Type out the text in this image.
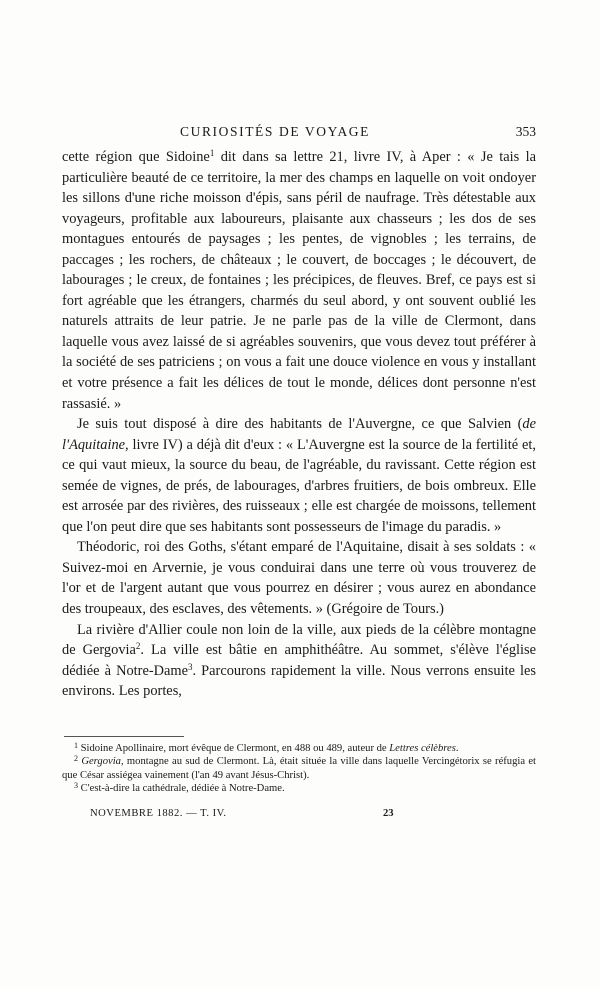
CURIOSITÉS DE VOYAGE	353

cette région que Sidoine$^1$ dit dans sa lettre 21, livre IV, à Aper : « Je tais la particulière beauté de ce territoire, la mer des champs en laquelle on voit ondoyer les sillons d'une riche moisson d'épis, sans péril de naufrage. Très détestable aux voyageurs, profitable aux laboureurs, plaisante aux chasseurs ; les dos de ses montagues entourés de paysages ; les pentes, de vignobles ; les terrains, de paccages ; les rochers, de châteaux ; le couvert, de boccages ; le découvert, de labourages ; le creux, de fontaines ; les précipices, de fleuves. Bref, ce pays est si fort agréable que les étrangers, charmés du seul abord, y ont souvent oublié les naturels attraits de leur patrie. Je ne parle pas de la ville de Clermont, dans laquelle vous avez laissé de si agréables souvenirs, que vous devez tout préférer à la société de ses patriciens ; on vous a fait une douce violence en vous y installant et votre présence a fait les délices de tout le monde, délices dont personne n'est rassasié. »

Je suis tout disposé à dire des habitants de l'Auvergne, ce que Salvien (de l'Aquitaine, livre IV) a déjà dit d'eux : « L'Auvergne est la source de la fertilité et, ce qui vaut mieux, la source du beau, de l'agréable, du ravissant. Cette région est semée de vignes, de prés, de labourages, d'arbres fruitiers, de bois ombreux. Elle est arrosée par des rivières, des ruisseaux ; elle est chargée de moissons, tellement que l'on peut dire que ses habitants sont possesseurs de l'image du paradis. »

Théodoric, roi des Goths, s'étant emparé de l'Aquitaine, disait à ses soldats : « Suivez-moi en Arvernie, je vous conduirai dans une terre où vous trouverez de l'or et de l'argent autant que vous pourrez en désirer ; vous aurez en abondance des troupeaux, des esclaves, des vêtements. » (Grégoire de Tours.)

La rivière d'Allier coule non loin de la ville, aux pieds de la célèbre montagne de Gergovia$^2$. La ville est bâtie en amphithéâtre. Au sommet, s'élève l'église dédiée à Notre-Dame$^3$. Parcourons rapidement la ville. Nous verrons ensuite les environs. Les portes,

$^1$ Sidoine Apollinaire, mort évêque de Clermont, en 488 ou 489, auteur de Lettres célèbres.

$^2$ Gergovia, montagne au sud de Clermont. Là, était située la ville dans laquelle Vercingétorix se réfugia et que César assiégea vainement (l'an 49 avant Jésus-Christ).

$^3$ C'est-à-dire la cathédrale, dédiée à Notre-Dame.

NOVEMBRE 1882. — T. IV.	23
